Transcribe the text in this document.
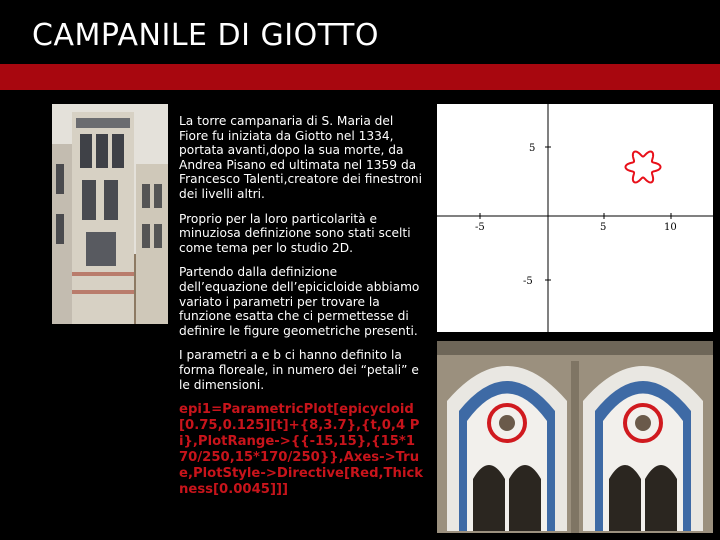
CAMPANILE DI GIOTTO

La torre campanaria di S. Maria del Fiore fu iniziata da Giotto nel 1334, portata avanti,dopo la sua morte, da Andrea Pisano ed ultimata nel 1359 da Francesco Talenti,creatore dei finestroni dei livelli altri.

Proprio per la loro particolarità e minuziosa definizione sono stati scelti come tema per lo studio 2D.

Partendo dalla definizione dell’equazione dell’epicicloide abbiamo variato i parametri per trovare la funzione esatta che ci permettesse di definire le figure geometriche presenti.

I parametri a e b ci hanno definito la forma floreale, in numero dei “petali” e le dimensioni.

epi1=ParametricPlot[epicycloid[0.75,0.125][t]+{8,3.7},{t,0,4 Pi},PlotRange->{{-15,15},{15*170/250,15*170/250}},Axes->True,PlotStyle->Directive[Red,Thickness[0.0045]]]
-5	5	10
5
-5
